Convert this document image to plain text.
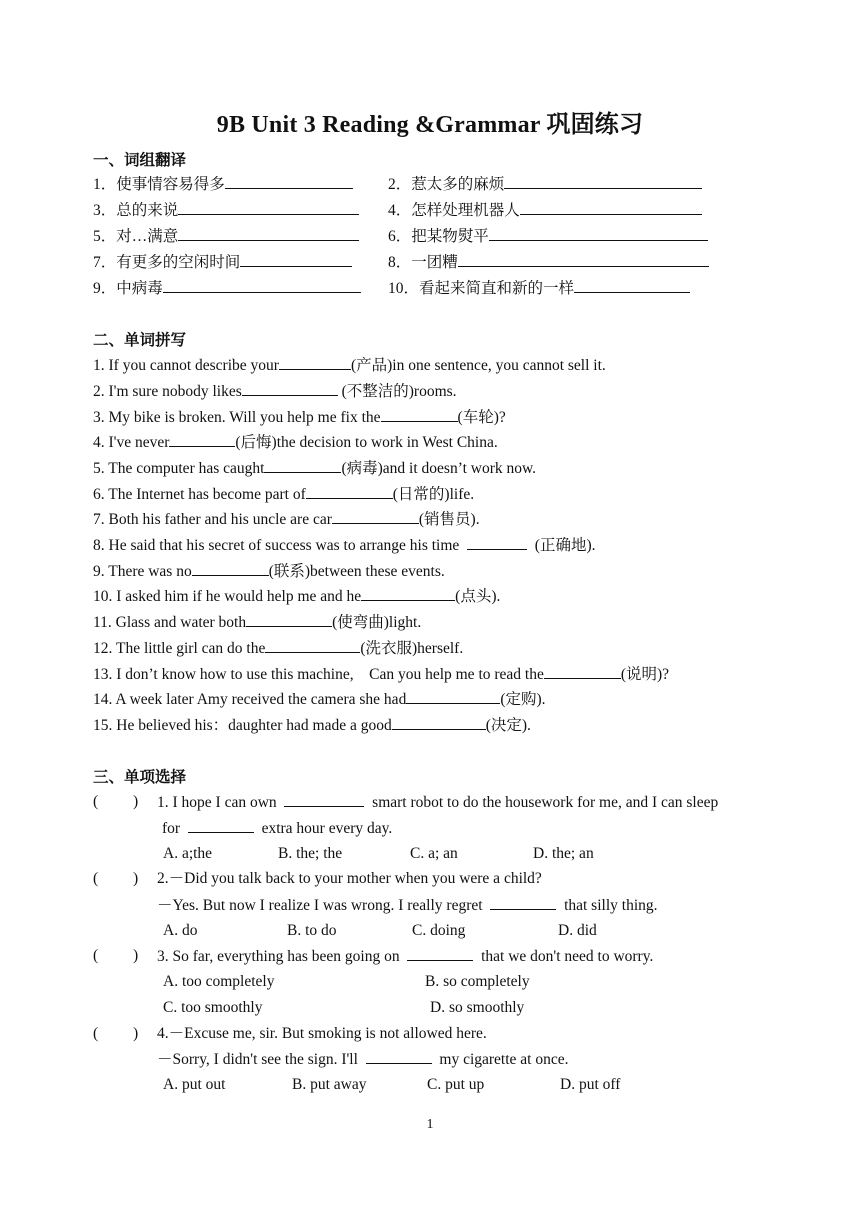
9B Unit 3 Reading &Grammar 巩固练习
一、词组翻译
1．使事情容易得多	2．惹太多的麻烦
3．总的来说	4．怎样处理机器人
5．对…满意	6．把某物熨平
7．有更多的空闲时间	8．一团糟
9．中病毒	10．看起来简直和新的一样
二、单词拼写
1. If you cannot describe your	(产品)in one sentence, you cannot sell it.
2. I'm sure nobody likes	(不整洁的)rooms.
3. My bike is broken. Will you help me fix the	(车轮)?
4. I've never	(后悔)the decision to work in West China.
5. The computer has caught	(病毒)and it doesn’t work now.
6. The Internet has become part of	(日常的)life.
7. Both his father and his uncle are car	(销售员).
8. He said that his secret of success was to arrange his time	(正确地).
9. There was no	(联系)between these events.
10. I asked him if he would help me and he	(点头).
11. Glass and water both	(使弯曲)light.
12. The little girl can do the	(洗衣服)herself.
13. I don’t know how to use this machine,    Can you help me to read the	(说明)?
14. A week later Amy received the camera she had	(定购).
15. He believed his：daughter had made a good	(决定).
三、单项选择
(         ) 1. I hope I can own	smart robot to do the housework for me, and I can sleep
for	extra hour every day.
A. a;the	B. the; the	C. a; an	D. the; an
(         ) 2.－Did you talk back to your mother when you were a child?
－Yes. But now I realize I was wrong. I really regret	that silly thing.
A. do	B. to do	C. doing	D. did
(         ) 3. So far, everything has been going on	that we don't need to worry.
A. too completely	B. so completely
C. too smoothly	D. so smoothly
(         ) 4.－Excuse me, sir. But smoking is not allowed here.
－Sorry, I didn't see the sign. I'll	my cigarette at once.
A. put out	B. put away	C. put up	D. put off
1
